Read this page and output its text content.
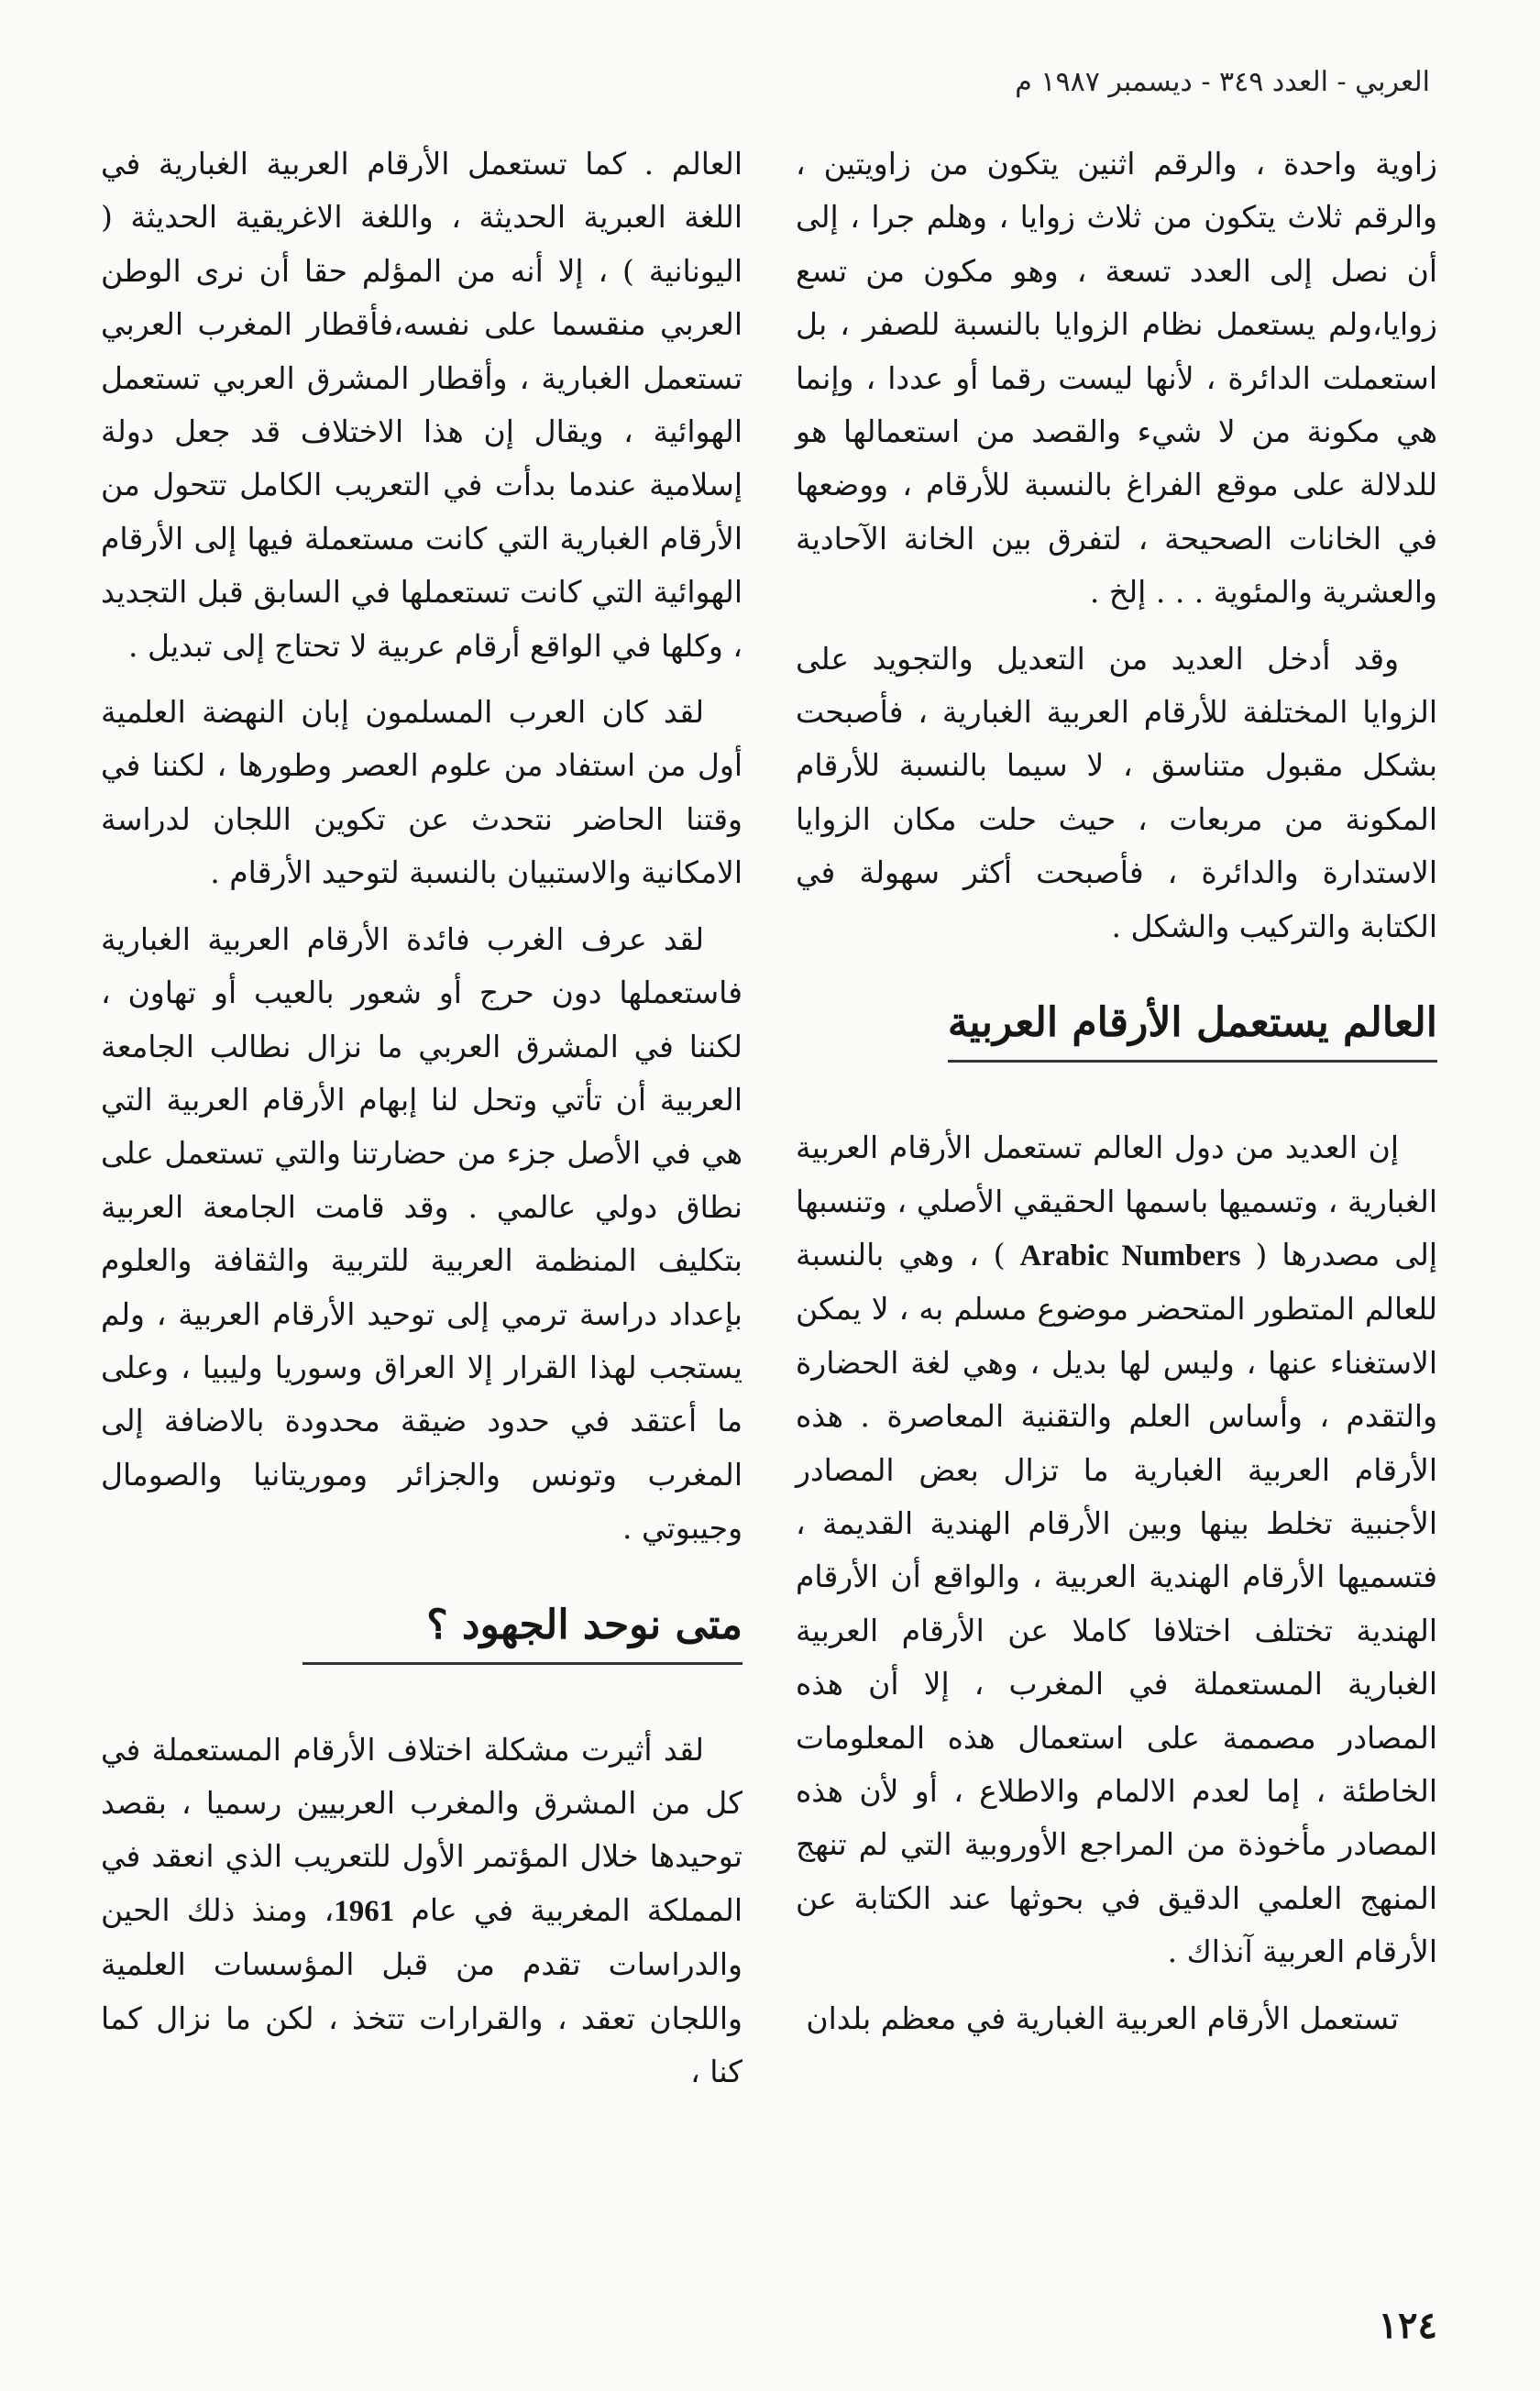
العربي - العدد ٣٤٩ - ديسمبر ١٩٨٧ م

زاوية واحدة ، والرقم اثنين يتكون من زاويتين ، والرقم ثلاث يتكون من ثلاث زوايا ، وهلم جرا ، إلى أن نصل إلى العدد تسعة ، وهو مكون من تسع زوايا،ولم يستعمل نظام الزوايا بالنسبة للصفر ، بل استعملت الدائرة ، لأنها ليست رقما أو عددا ، وإنما هي مكونة من لا شيء والقصد من استعمالها هو للدلالة على موقع الفراغ بالنسبة للأرقام ، ووضعها في الخانات الصحيحة ، لتفرق بين الخانة الآحادية والعشرية والمئوية . . . إلخ .

وقد أدخل العديد من التعديل والتجويد على الزوايا المختلفة للأرقام العربية الغبارية ، فأصبحت بشكل مقبول متناسق ، لا سيما بالنسبة للأرقام المكونة من مربعات ، حيث حلت مكان الزوايا الاستدارة والدائرة ، فأصبحت أكثر سهولة في الكتابة والتركيب والشكل .

العالم يستعمل الأرقام العربية

إن العديد من دول العالم تستعمل الأرقام العربية الغبارية ، وتسميها باسمها الحقيقي الأصلي ، وتنسبها إلى مصدرها ( Arabic Numbers ) ، وهي بالنسبة للعالم المتطور المتحضر موضوع مسلم به ، لا يمكن الاستغناء عنها ، وليس لها بديل ، وهي لغة الحضارة والتقدم ، وأساس العلم والتقنية المعاصرة . هذه الأرقام العربية الغبارية ما تزال بعض المصادر الأجنبية تخلط بينها وبين الأرقام الهندية القديمة ، فتسميها الأرقام الهندية العربية ، والواقع أن الأرقام الهندية تختلف اختلافا كاملا عن الأرقام العربية الغبارية المستعملة في المغرب ، إلا أن هذه المصادر مصممة على استعمال هذه المعلومات الخاطئة ، إما لعدم الالمام والاطلاع ، أو لأن هذه المصادر مأخوذة من المراجع الأوروبية التي لم تنهج المنهج العلمي الدقيق في بحوثها عند الكتابة عن الأرقام العربية آنذاك .

تستعمل الأرقام العربية الغبارية في معظم بلدان

العالم . كما تستعمل الأرقام العربية الغبارية في اللغة العبرية الحديثة ، واللغة الاغريقية الحديثة ( اليونانية ) ، إلا أنه من المؤلم حقا أن نرى الوطن العربي منقسما على نفسه،فأقطار المغرب العربي تستعمل الغبارية ، وأقطار المشرق العربي تستعمل الهوائية ، ويقال إن هذا الاختلاف قد جعل دولة إسلامية عندما بدأت في التعريب الكامل تتحول من الأرقام الغبارية التي كانت مستعملة فيها إلى الأرقام الهوائية التي كانت تستعملها في السابق قبل التجديد ، وكلها في الواقع أرقام عربية لا تحتاج إلى تبديل .

لقد كان العرب المسلمون إبان النهضة العلمية أول من استفاد من علوم العصر وطورها ، لكننا في وقتنا الحاضر نتحدث عن تكوين اللجان لدراسة الامكانية والاستبيان بالنسبة لتوحيد الأرقام .

لقد عرف الغرب فائدة الأرقام العربية الغبارية فاستعملها دون حرج أو شعور بالعيب أو تهاون ، لكننا في المشرق العربي ما نزال نطالب الجامعة العربية أن تأتي وتحل لنا إبهام الأرقام العربية التي هي في الأصل جزء من حضارتنا والتي تستعمل على نطاق دولي عالمي . وقد قامت الجامعة العربية بتكليف المنظمة العربية للتربية والثقافة والعلوم بإعداد دراسة ترمي إلى توحيد الأرقام العربية ، ولم يستجب لهذا القرار إلا العراق وسوريا وليبيا ، وعلى ما أعتقد في حدود ضيقة محدودة بالاضافة إلى المغرب وتونس والجزائر وموريتانيا والصومال وجيبوتي .

متى نوحد الجهود ؟

لقد أثيرت مشكلة اختلاف الأرقام المستعملة في كل من المشرق والمغرب العربيين رسميا ، بقصد توحيدها خلال المؤتمر الأول للتعريب الذي انعقد في المملكة المغربية في عام 1961، ومنذ ذلك الحين والدراسات تقدم من قبل المؤسسات العلمية واللجان تعقد ، والقرارات تتخذ ، لكن ما نزال كما كنا ،

١٢٤
